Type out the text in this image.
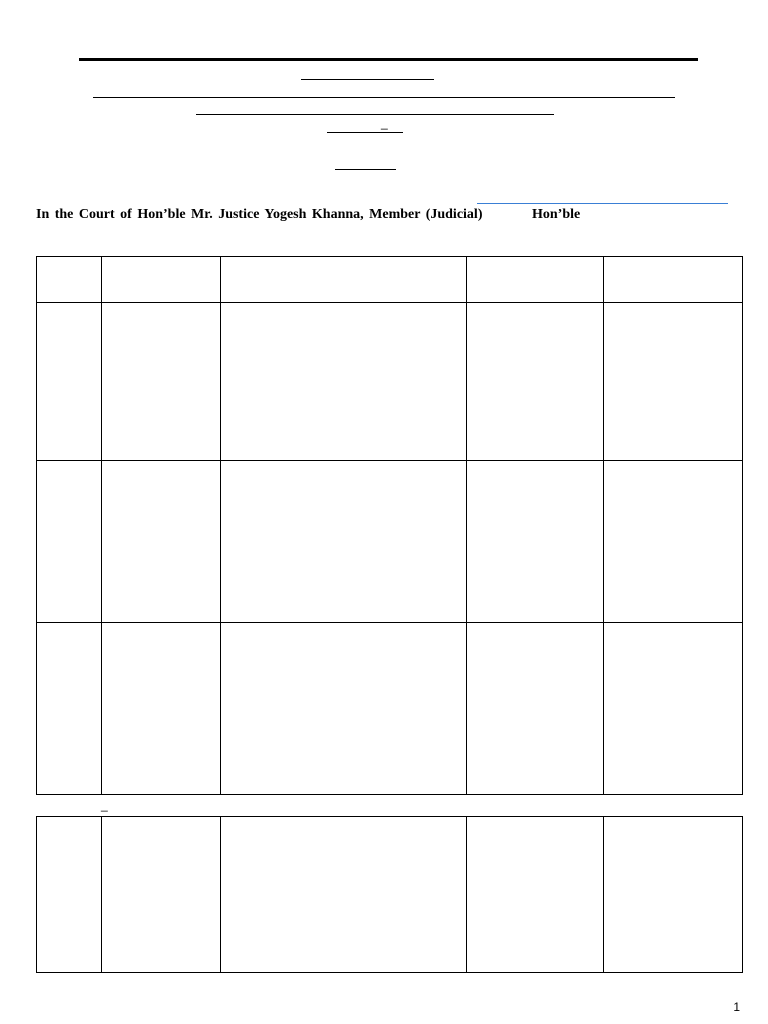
_
In the Court of Hon’ble Mr. Justice Yogesh Khanna, Member (Judicial)	Hon’ble

_

1
